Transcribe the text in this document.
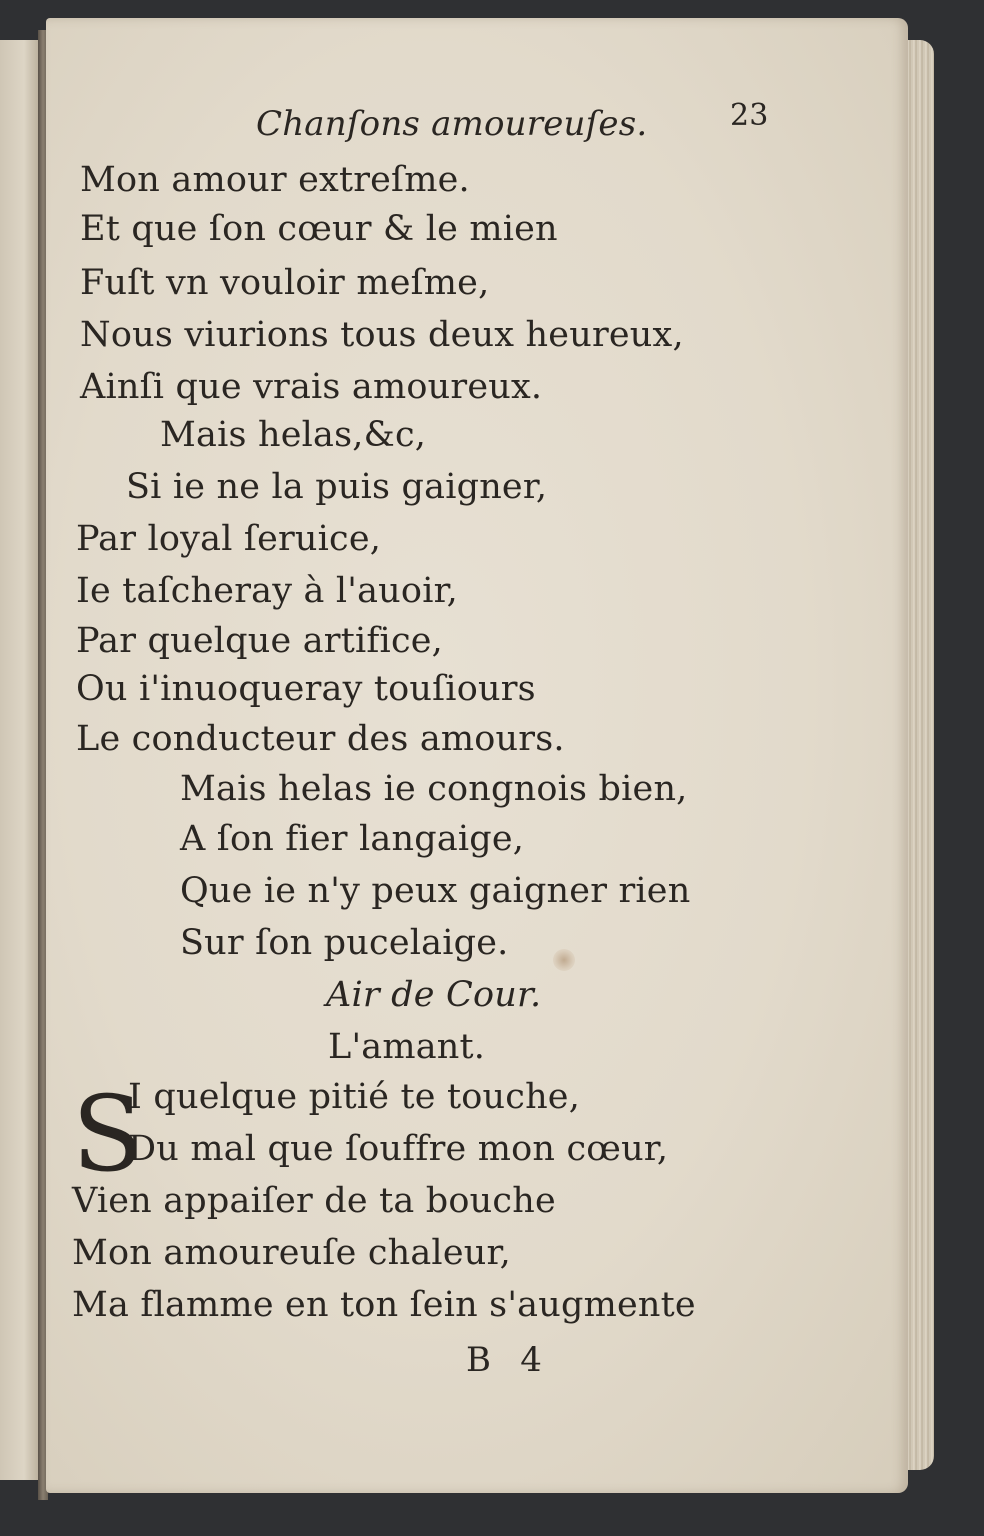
Chanſons amoureuſes.	23
Mon amour extreſme.
Et que ſon cœur & le mien
Fuſt vn vouloir meſme,
Nous viurions tous deux heureux,
Ainſi que vrais amoureux.
Mais helas,&c,
Si ie ne la puis gaigner,
Par loyal ſeruice,
Ie taſcheray à l'auoir,
Par quelque artifice,
Ou i'inuoqueray touſiours
Le conducteur des amours.
Mais helas ie congnois bien,
A ſon fier langaige,
Que ie n'y peux gaigner rien
Sur ſon pucelaige.
Air de Cour.
L'amant.
S
I quelque pitié te touche,
Du mal que ſouffre mon cœur,
Vien appaiſer de ta bouche
Mon amoureuſe chaleur,
Ma flamme en ton ſein s'augmente
B 4
